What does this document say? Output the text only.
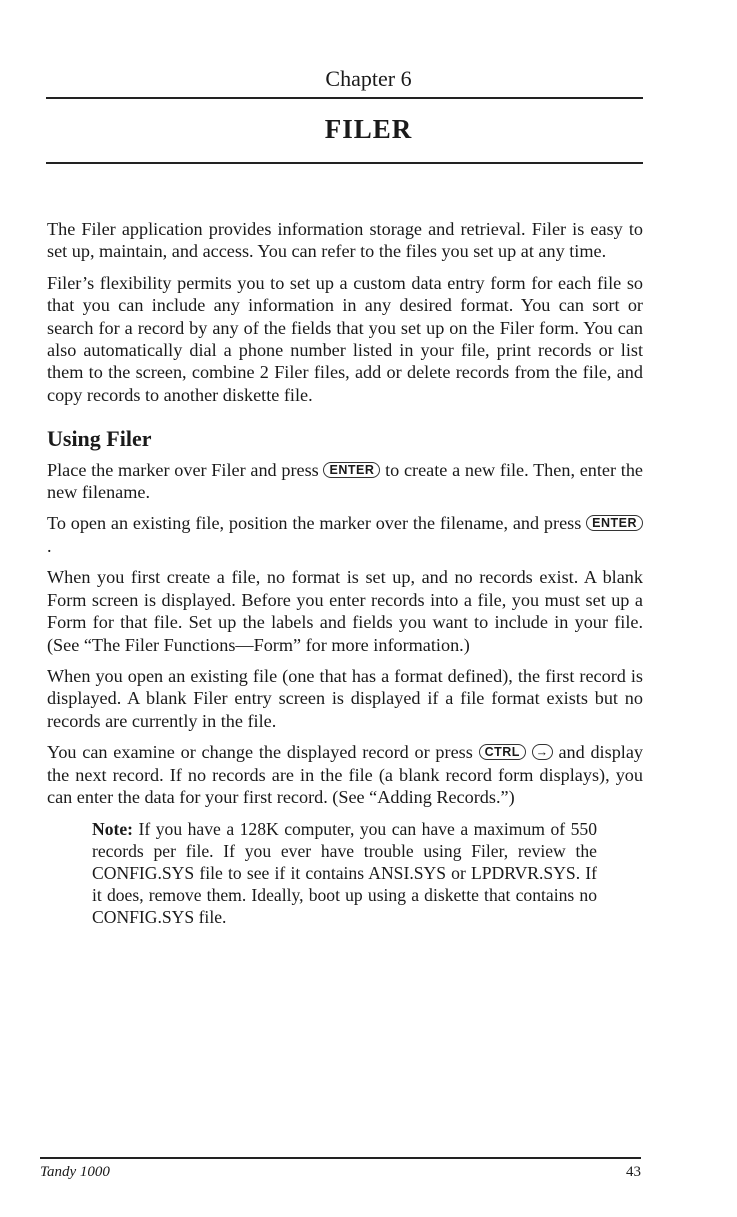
Chapter 6
FILER

The Filer application provides information storage and retrieval. Filer is easy to set up, maintain, and access. You can refer to the files you set up at any time.

Filer’s flexibility permits you to set up a custom data entry form for each file so that you can include any information in any desired format. You can sort or search for a record by any of the fields that you set up on the Filer form. You can also automatically dial a phone number listed in your file, print records or list them to the screen, combine 2 Filer files, add or delete records from the file, and copy records to another diskette file.

Using Filer

Place the marker over Filer and press ENTER to create a new file. Then, enter the new filename.

To open an existing file, position the marker over the filename, and press ENTER.

When you first create a file, no format is set up, and no records exist. A blank Form screen is displayed. Before you enter records into a file, you must set up a Form for that file. Set up the labels and fields you want to include in your file. (See “The Filer Functions—Form” for more information.)

When you open an existing file (one that has a format defined), the first record is displayed. A blank Filer entry screen is displayed if a file format exists but no records are currently in the file.

You can examine or change the displayed record or press CTRL → and display the next record. If no records are in the file (a blank record form displays), you can enter the data for your first record. (See “Adding Records.”)

Note: If you have a 128K computer, you can have a maximum of 550 records per file. If you ever have trouble using Filer, review the CONFIG.SYS file to see if it contains ANSI.SYS or LPDRVR.SYS. If it does, remove them. Ideally, boot up using a diskette that contains no CONFIG.SYS file.
Tandy 1000	43
